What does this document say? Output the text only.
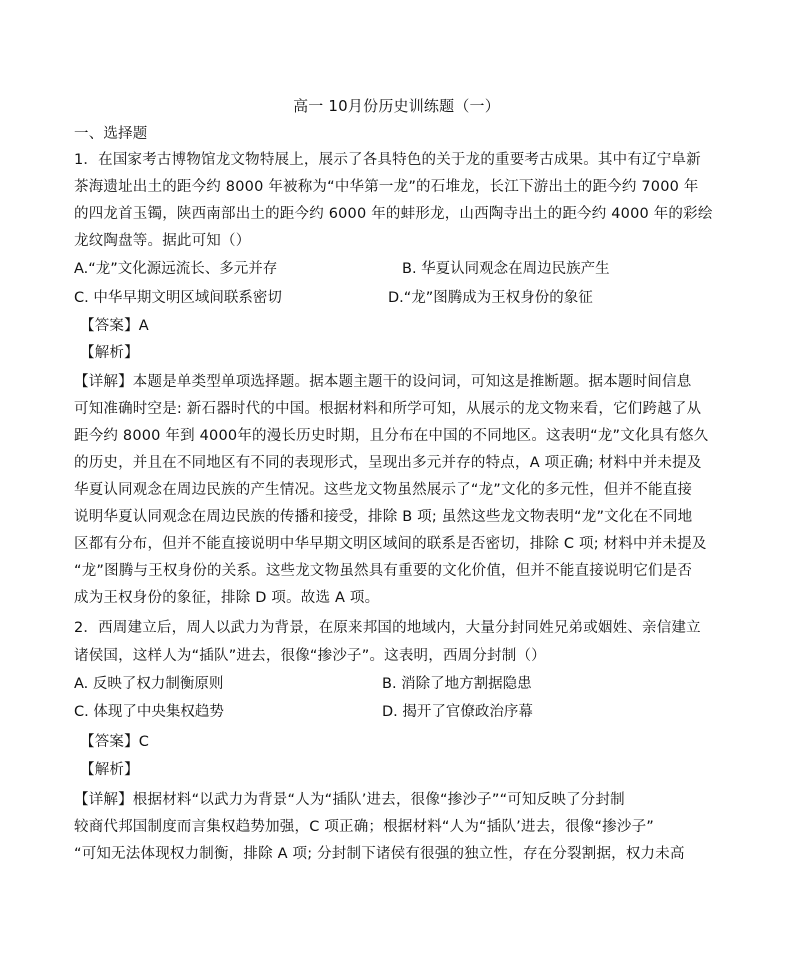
高一 10月份历史训练题（一）
一、选择题
1．在国家考古博物馆龙文物特展上，展示了各具特色的关于龙的重要考古成果。其中有辽宁阜新
茶海遗址出土的距今约 8000 年被称为“中华第一龙”的石堆龙，长江下游出土的距今约 7000 年
的四龙首玉镯，陕西南部出土的距今约 6000 年的蚌形龙，山西陶寺出土的距今约 4000 年的彩绘
龙纹陶盘等。据此可知（）
A.“龙”文化源远流长、多元并存	B. 华夏认同观念在周边民族产生
C. 中华早期文明区域间联系密切	D.“龙”图腾成为王权身份的象征
【答案】A
【解析】
【详解】本题是单类型单项选择题。据本题主题干的设问词，可知这是推断题。据本题时间信息
可知准确时空是: 新石器时代的中国。根据材料和所学可知，从展示的龙文物来看，它们跨越了从
距今约 8000 年到 4000年的漫长历史时期，且分布在中国的不同地区。这表明“龙”文化具有悠久
的历史，并且在不同地区有不同的表现形式，呈现出多元并存的特点，A 项正确; 材料中并未提及
华夏认同观念在周边民族的产生情况。这些龙文物虽然展示了“龙”文化的多元性，但并不能直接
说明华夏认同观念在周边民族的传播和接受，排除 B 项; 虽然这些龙文物表明“龙”文化在不同地
区都有分布，但并不能直接说明中华早期文明区域间的联系是否密切，排除 C 项; 材料中并未提及
“龙”图腾与王权身份的关系。这些龙文物虽然具有重要的文化价值，但并不能直接说明它们是否
成为王权身份的象征，排除 D 项。故选 A 项。
2．西周建立后，周人以武力为背景，在原来邦国的地域内，大量分封同姓兄弟或姻姓、亲信建立
诸侯国，这样人为“插队”进去，很像“掺沙子”。这表明，西周分封制（）
A. 反映了权力制衡原则	B. 消除了地方割据隐患
C. 体现了中央集权趋势	D. 揭开了官僚政治序幕
【答案】C
【解析】
【详解】根据材料“以武力为背景“人为“插队’进去，很像“掺沙子”“可知反映了分封制
较商代邦国制度而言集权趋势加强，C 项正确；根据材料“人为“插队’进去，很像“掺沙子”
“可知无法体现权力制衡，排除 A 项; 分封制下诸侯有很强的独立性，存在分裂割据，权力未高
